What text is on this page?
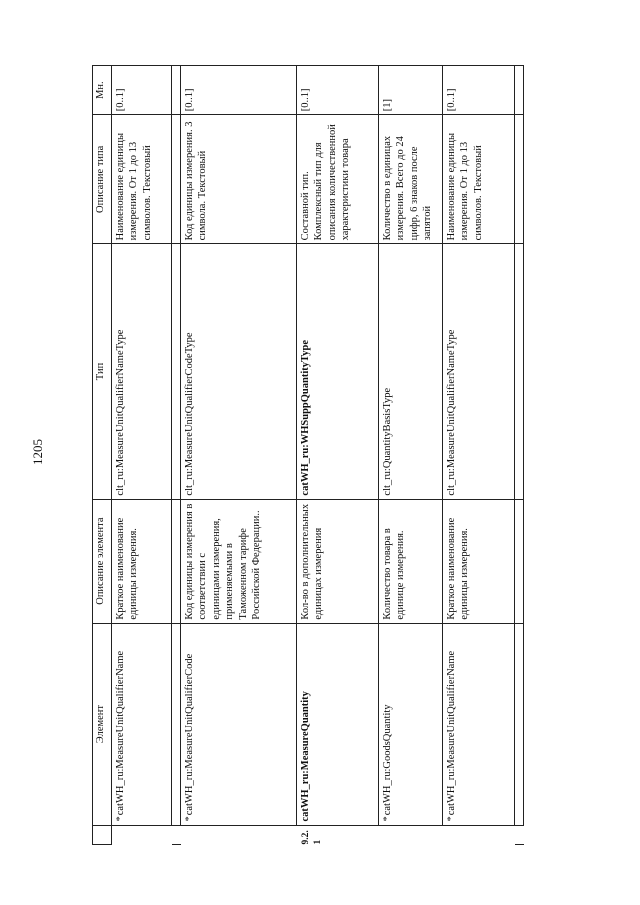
1205
	Элемент	Описание элемента	Тип	Описание типа	Мн.
	*catWH_ru:MeasureUnitQualifierName	Краткое наименование единицы измерения.	clt_ru:MeasureUnitQualifierNameType	Наименование единицы измерения. От 1 до 13 символов. Текстовый	[0..1]

	*catWH_ru:MeasureUnitQualifierCode	Код единицы измерения в соответствии с единицами измерения, применяемыми в Таможенном тарифе Российской Федерации..	clt_ru:MeasureUnitQualifierCodeType	Код единицы измерения. 3 символа. Текстовый	[0..1]
9.2.1	catWH_ru:MeasureQuantity	Кол-во в дополнительных единицах измерения	catWH_ru:WHSuppQuantityType	Составной тип. Комплексный тип для описания количественной характеристики товара	[0..1]
	*catWH_ru:GoodsQuantity	Количество товара в единице измерения.	clt_ru:QuantityBasisType	Количество в единицах измерения. Всего до 24 цифр, 6 знаков после запятой	[1]
	*catWH_ru:MeasureUnitQualifierName	Краткое наименование единицы измерения.	clt_ru:MeasureUnitQualifierNameType	Наименование единицы измерения. От 1 до 13 символов. Текстовый	[0..1]
